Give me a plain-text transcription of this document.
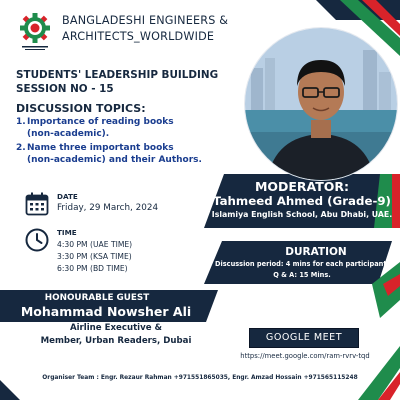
BANGLADESHI ENGINEERS &
ARCHITECTS_WORLDWIDE
STUDENTS' LEADERSHIP BUILDING
SESSION NO - 15
DISCUSSION TOPICS:
1. Importance of reading books
(non-academic).
2. Name three important books
(non-academic) and their Authors.
DATE
Friday, 29 March, 2024
TIME
4:30 PM (UAE TIME)
3:30 PM (KSA TIME)
6:30 PM (BD TIME)
MODERATOR:
Tahmeed Ahmed (Grade-9)
Islamiya English School, Abu Dhabi, UAE.
DURATION
Discussion period: 4 mins for each participant,
Q & A: 15 Mins.
HONOURABLE GUEST
Mohammad Nowsher Ali
Airline Executive &
Member, Urban Readers, Dubai	GOOGLE MEET
https://meet.google.com/ram-rvrv-tqd
Organiser Team : Engr. Rezaur Rahman +971551865035, Engr. Amzad Hossain +971565115248
